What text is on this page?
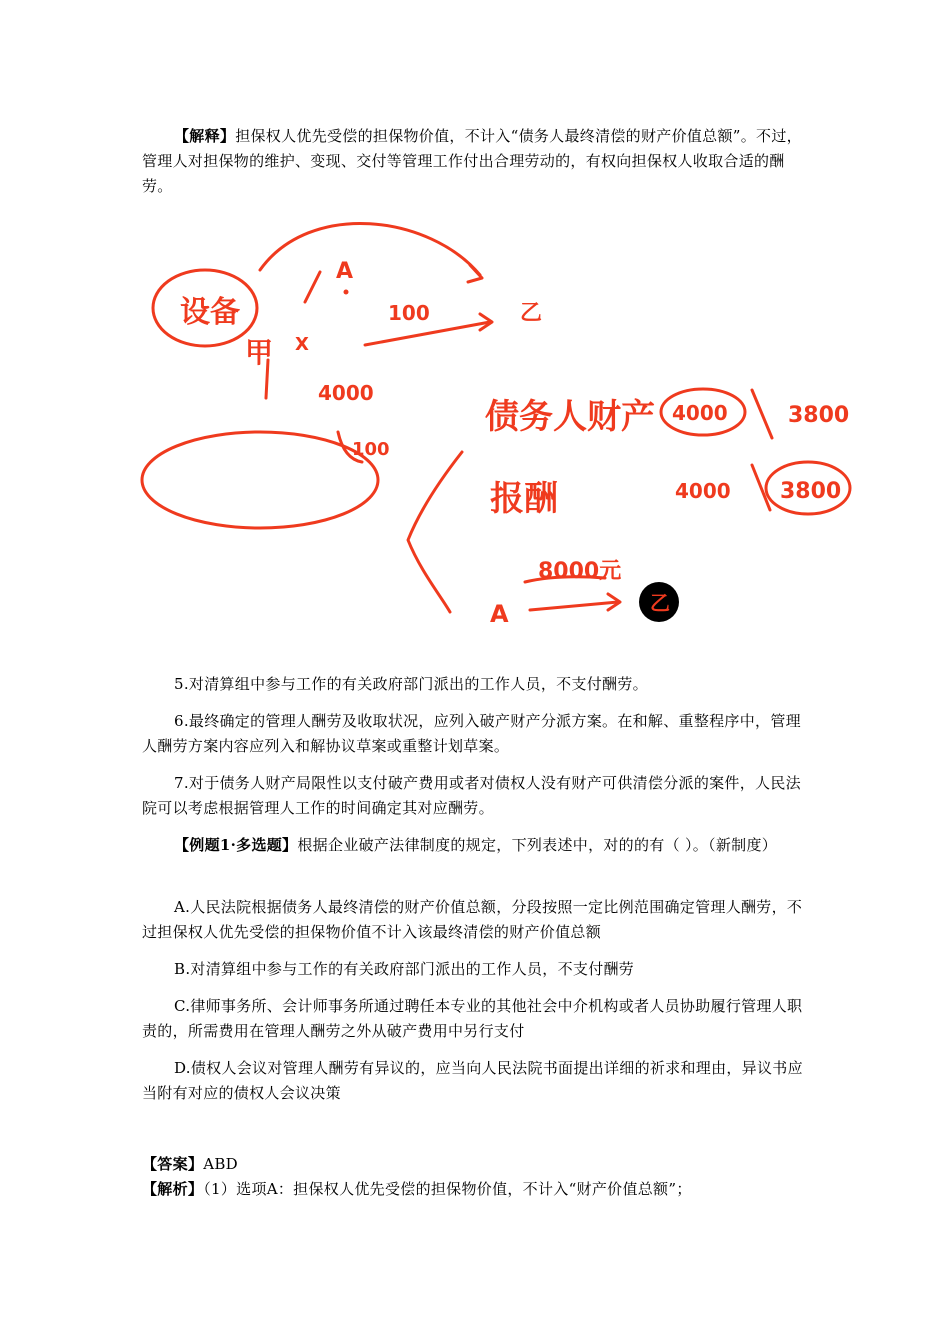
【解释】担保权人优先受偿的担保物价值，不计入“债务人最终清偿的财产价值总额”。不过，管理人对担保物的维护、变现、交付等管理工作付出合理劳动的，有权向担保权人收取合适的酬劳。

设备
A
100	乙
甲 X
4000
100
债务人财产 4000	3800
报酬	4000 3800
8000元
A	乙

5.对清算组中参与工作的有关政府部门派出的工作人员，不支付酬劳。

6.最终确定的管理人酬劳及收取状况，应列入破产财产分派方案。在和解、重整程序中，管理人酬劳方案内容应列入和解协议草案或重整计划草案。

7.对于债务人财产局限性以支付破产费用或者对债权人没有财产可供清偿分派的案件，人民法院可以考虑根据管理人工作的时间确定其对应酬劳。

【例题1·多选题】根据企业破产法律制度的规定，下列表述中，对的的有（ ）。（新制度）

A.人民法院根据债务人最终清偿的财产价值总额，分段按照一定比例范围确定管理人酬劳，不过担保权人优先受偿的担保物价值不计入该最终清偿的财产价值总额

B.对清算组中参与工作的有关政府部门派出的工作人员，不支付酬劳

C.律师事务所、会计师事务所通过聘任本专业的其他社会中介机构或者人员协助履行管理人职责的，所需费用在管理人酬劳之外从破产费用中另行支付

D.债权人会议对管理人酬劳有异议的，应当向人民法院书面提出详细的祈求和理由，异议书应当附有对应的债权人会议决策

【答案】ABD

【解析】（1）选项A：担保权人优先受偿的担保物价值，不计入“财产价值总额”；
